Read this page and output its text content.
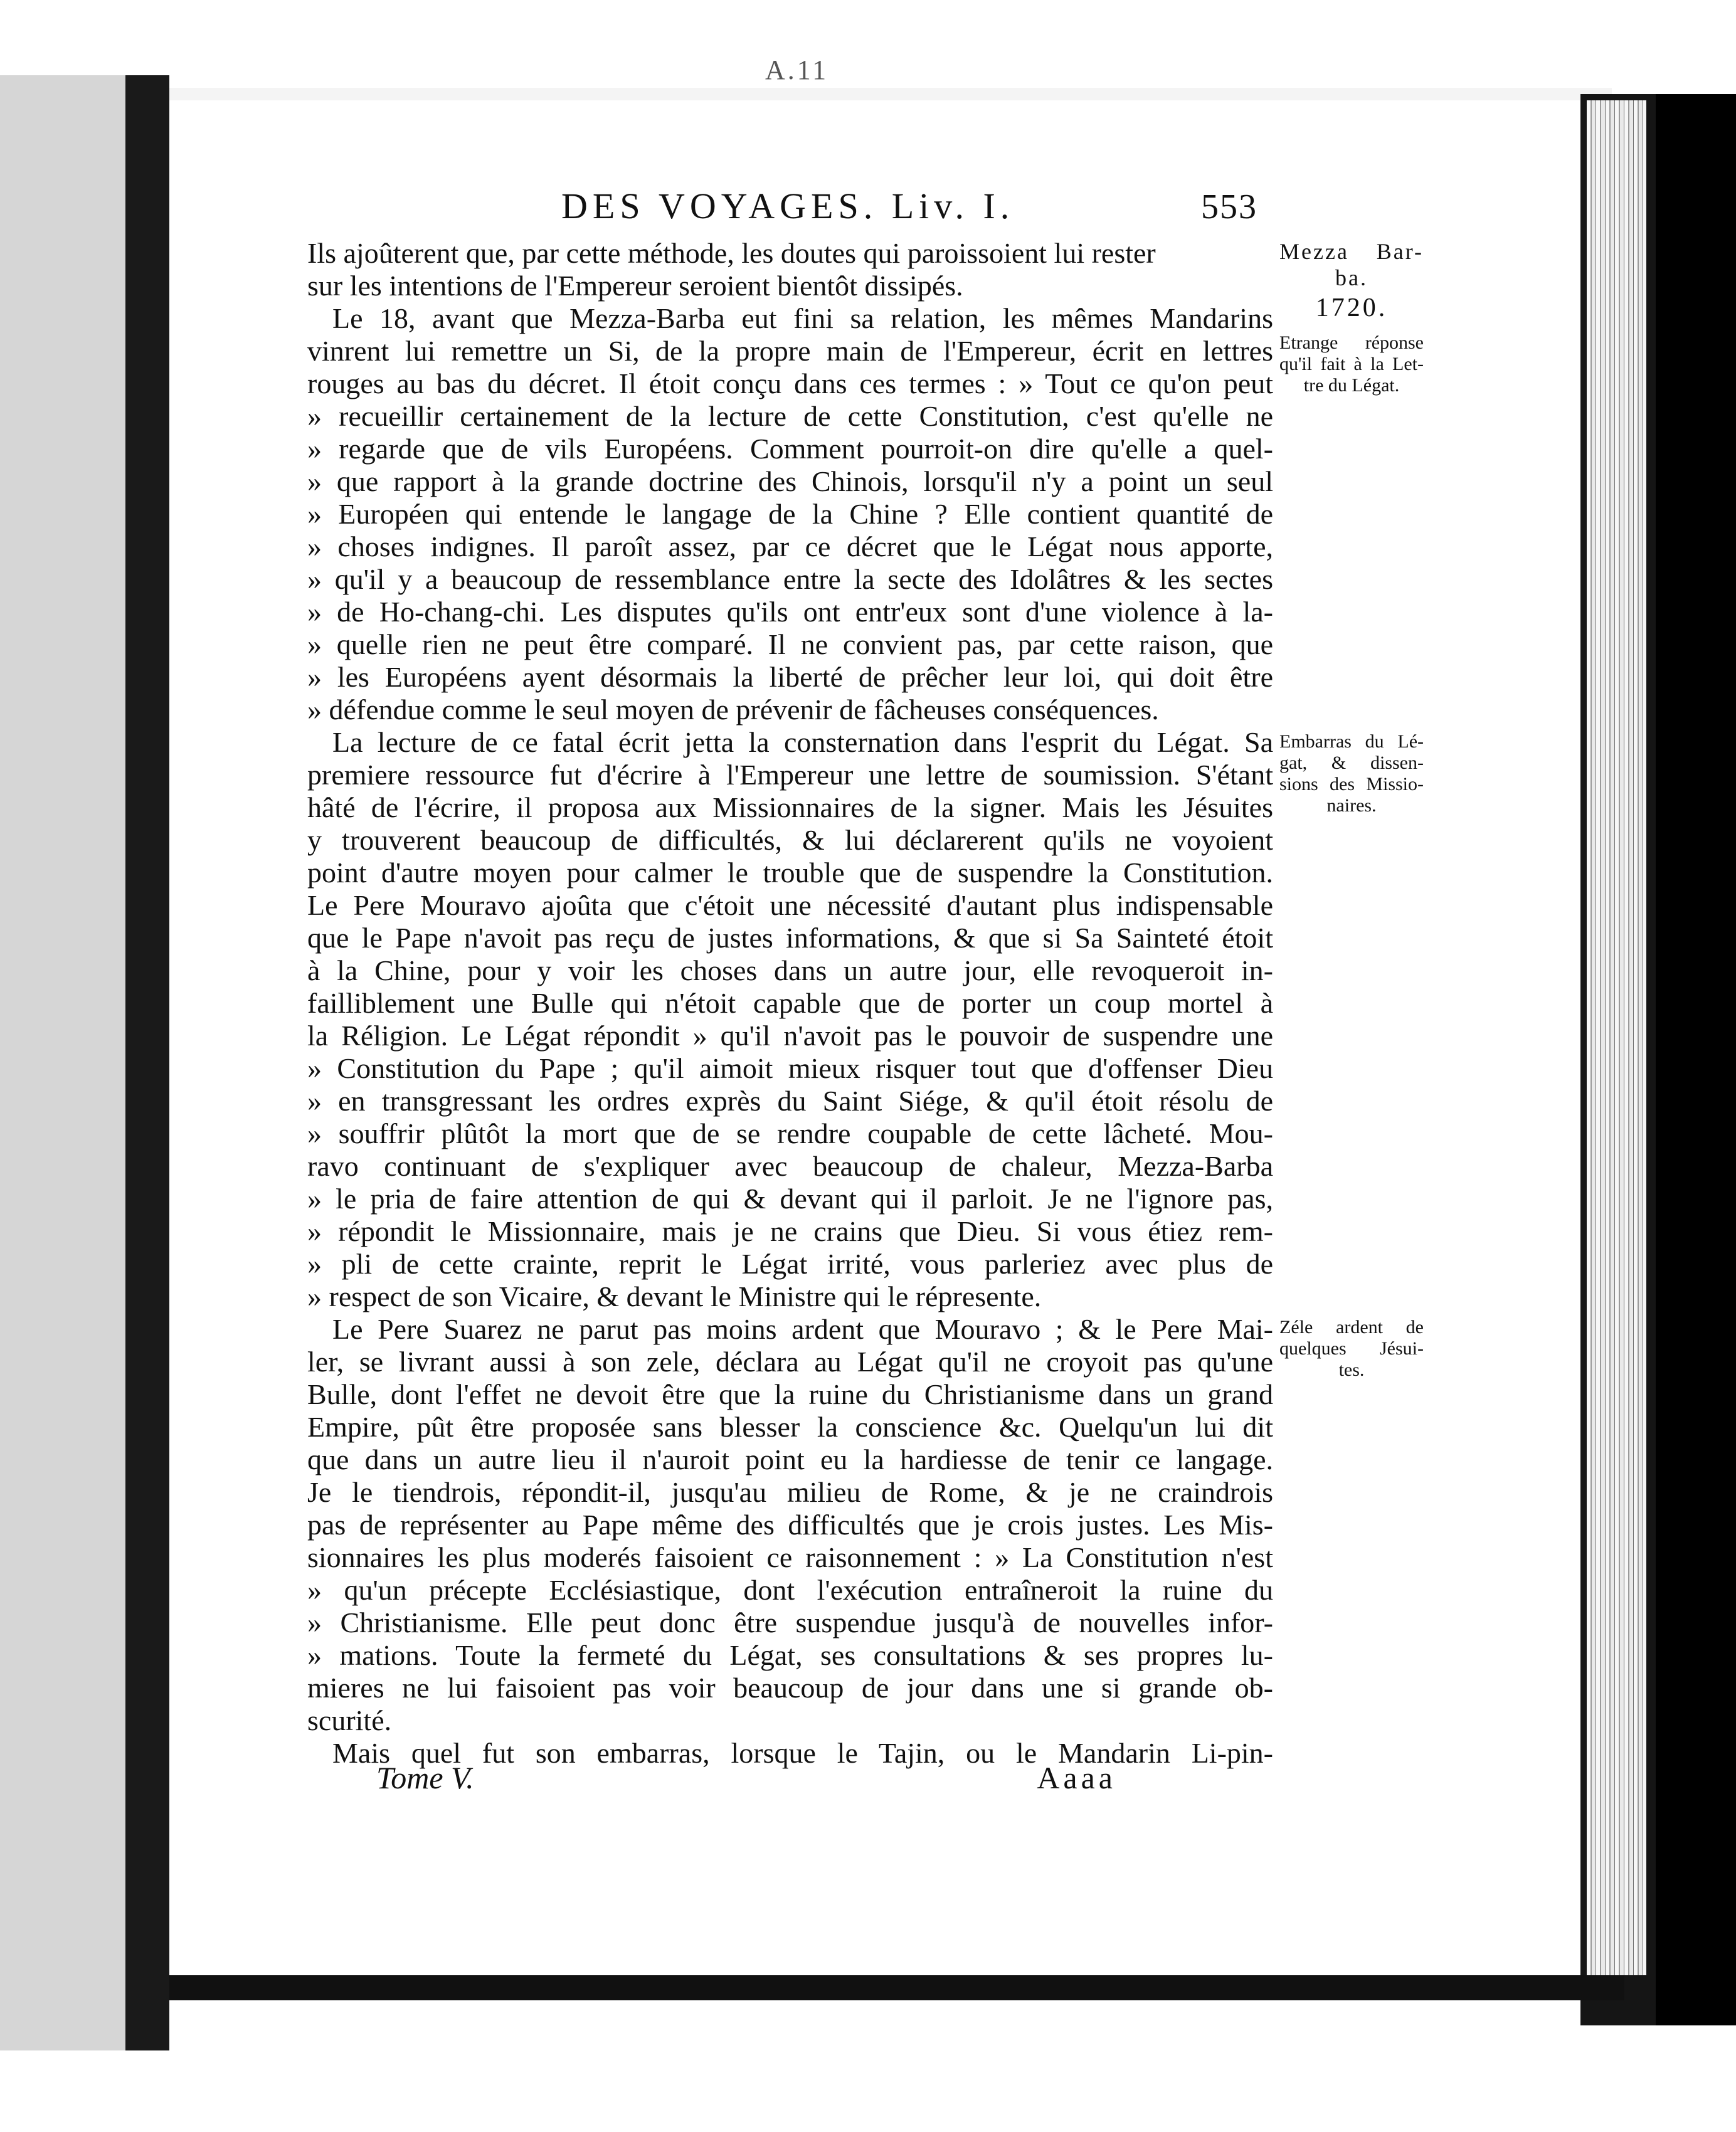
A.11
DES VOYAGES. Liv. I.	553
Ils ajoûterent que, par cette méthode, les doutes qui paroissoient lui rester
sur les intentions de l'Empereur seroient bientôt dissipés.
Le 18, avant que Mezza-Barba eut fini sa relation, les mêmes Mandarins
vinrent lui remettre un Si, de la propre main de l'Empereur, écrit en lettres
rouges au bas du décret. Il étoit conçu dans ces termes : » Tout ce qu'on peut
» recueillir certainement de la lecture de cette Constitution, c'est qu'elle ne
» regarde que de vils Européens. Comment pourroit-on dire qu'elle a quel-
» que rapport à la grande doctrine des Chinois, lorsqu'il n'y a point un seul
» Européen qui entende le langage de la Chine ? Elle contient quantité de
» choses indignes. Il paroît assez, par ce décret que le Légat nous apporte,
» qu'il y a beaucoup de ressemblance entre la secte des Idolâtres & les sectes
» de Ho-chang-chi. Les disputes qu'ils ont entr'eux sont d'une violence à la-
» quelle rien ne peut être comparé. Il ne convient pas, par cette raison, que
» les Européens ayent désormais la liberté de prêcher leur loi, qui doit être
» défendue comme le seul moyen de prévenir de fâcheuses conséquences.
La lecture de ce fatal écrit jetta la consternation dans l'esprit du Légat. Sa
premiere ressource fut d'écrire à l'Empereur une lettre de soumission. S'étant
hâté de l'écrire, il proposa aux Missionnaires de la signer. Mais les Jésuites
y trouverent beaucoup de difficultés, & lui déclarerent qu'ils ne voyoient
point d'autre moyen pour calmer le trouble que de suspendre la Constitution.
Le Pere Mouravo ajoûta que c'étoit une nécessité d'autant plus indispensable
que le Pape n'avoit pas reçu de justes informations, & que si Sa Sainteté étoit
à la Chine, pour y voir les choses dans un autre jour, elle revoqueroit in-
failliblement une Bulle qui n'étoit capable que de porter un coup mortel à
la Réligion. Le Légat répondit » qu'il n'avoit pas le pouvoir de suspendre une
» Constitution du Pape ; qu'il aimoit mieux risquer tout que d'offenser Dieu
» en transgressant les ordres exprès du Saint Siége, & qu'il étoit résolu de
» souffrir plûtôt la mort que de se rendre coupable de cette lâcheté. Mou-
ravo continuant de s'expliquer avec beaucoup de chaleur, Mezza-Barba
» le pria de faire attention de qui & devant qui il parloit. Je ne l'ignore pas,
» répondit le Missionnaire, mais je ne crains que Dieu. Si vous étiez rem-
» pli de cette crainte, reprit le Légat irrité, vous parleriez avec plus de
» respect de son Vicaire, & devant le Ministre qui le répresente.
Le Pere Suarez ne parut pas moins ardent que Mouravo ; & le Pere Mai-
ler, se livrant aussi à son zele, déclara au Légat qu'il ne croyoit pas qu'une
Bulle, dont l'effet ne devoit être que la ruine du Christianisme dans un grand
Empire, pût être proposée sans blesser la conscience &c. Quelqu'un lui dit
que dans un autre lieu il n'auroit point eu la hardiesse de tenir ce langage.
Je le tiendrois, répondit-il, jusqu'au milieu de Rome, & je ne craindrois
pas de représenter au Pape même des difficultés que je crois justes. Les Mis-
sionnaires les plus moderés faisoient ce raisonnement : » La Constitution n'est
» qu'un précepte Ecclésiastique, dont l'exécution entraîneroit la ruine du
» Christianisme. Elle peut donc être suspendue jusqu'à de nouvelles infor-
» mations. Toute la fermeté du Légat, ses consultations & ses propres lu-
mieres ne lui faisoient pas voir beaucoup de jour dans une si grande ob-
scurité.
Mais quel fut son embarras, lorsque le Tajin, ou le Mandarin Li-pin-
Mezza Bar-
ba.
1720.
Etrange réponse
qu'il fait à la Let-
tre du Légat.
Embarras du Lé-
gat, & dissen-
sions des Missio-
naires.
Zéle ardent de
quelques Jésui-
tes.
Tome V.	Aaaa
